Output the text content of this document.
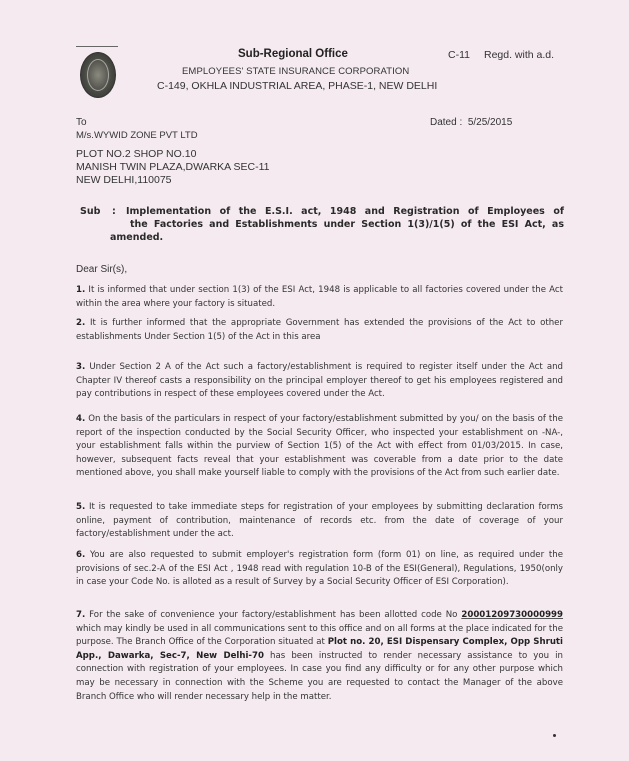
Sub-Regional Office
EMPLOYEES' STATE INSURANCE CORPORATION
C-149, OKHLA INDUSTRIAL AREA, PHASE-1, NEW DELHI
C-11 Regd. with a.d.
To	Dated : 5/25/2015
M/s.WYWID ZONE PVT LTD
PLOT NO.2 SHOP NO.10
MANISH TWIN PLAZA,DWARKA SEC-11
NEW DELHI,110075
Sub : Implementation of the E.S.I. act, 1948 and Registration of Employees of
the Factories and Establishments under Section 1(3)/1(5) of the ESI Act, as
amended.
Dear Sir(s),
1. It is informed that under section 1(3) of the ESI Act, 1948 is applicable to all factories covered under the Act within the area where your factory is situated.
2. It is further informed that the appropriate Government has extended the provisions of the Act to other establishments Under Section 1(5) of the Act in this area
3. Under Section 2 A of the Act such a factory/establishment is required to register itself under the Act and Chapter IV thereof casts a responsibility on the principal employer thereof to get his employees registered and pay contributions in respect of these employees covered under the Act.
4. On the basis of the particulars in respect of your factory/establishment submitted by you/ on the basis of the report of the inspection conducted by the Social Security Officer, who inspected your establishment on -NA-, your establishment falls within the purview of Section 1(5) of the Act with effect from 01/03/2015. In case, however, subsequent facts reveal that your establishment was coverable from a date prior to the date mentioned above, you shall make yourself liable to comply with the provisions of the Act from such earlier date.
5. It is requested to take immediate steps for registration of your employees by submitting declaration forms online, payment of contribution, maintenance of records etc. from the date of coverage of your factory/establishment under the act.
6. You are also requested to submit employer's registration form (form 01) on line, as required under the provisions of sec.2-A of the ESI Act , 1948 read with regulation 10-B of the ESI(General), Regulations, 1950(only in case your Code No. is alloted as a result of Survey by a Social Security Officer of ESI Corporation).
7. For the sake of convenience your factory/establishment has been allotted code No 20001209730000999 which may kindly be used in all communications sent to this office and on all forms at the place indicated for the purpose. The Branch Office of the Corporation situated at Plot no. 20, ESI Dispensary Complex, Opp Shruti App., Dawarka, Sec-7, New Delhi-70 has been instructed to render necessary assistance to you in connection with registration of your employees. In case you find any difficulty or for any other purpose which may be necessary in connection with the Scheme you are requested to contact the Manager of the above Branch Office who will render necessary help in the matter.
